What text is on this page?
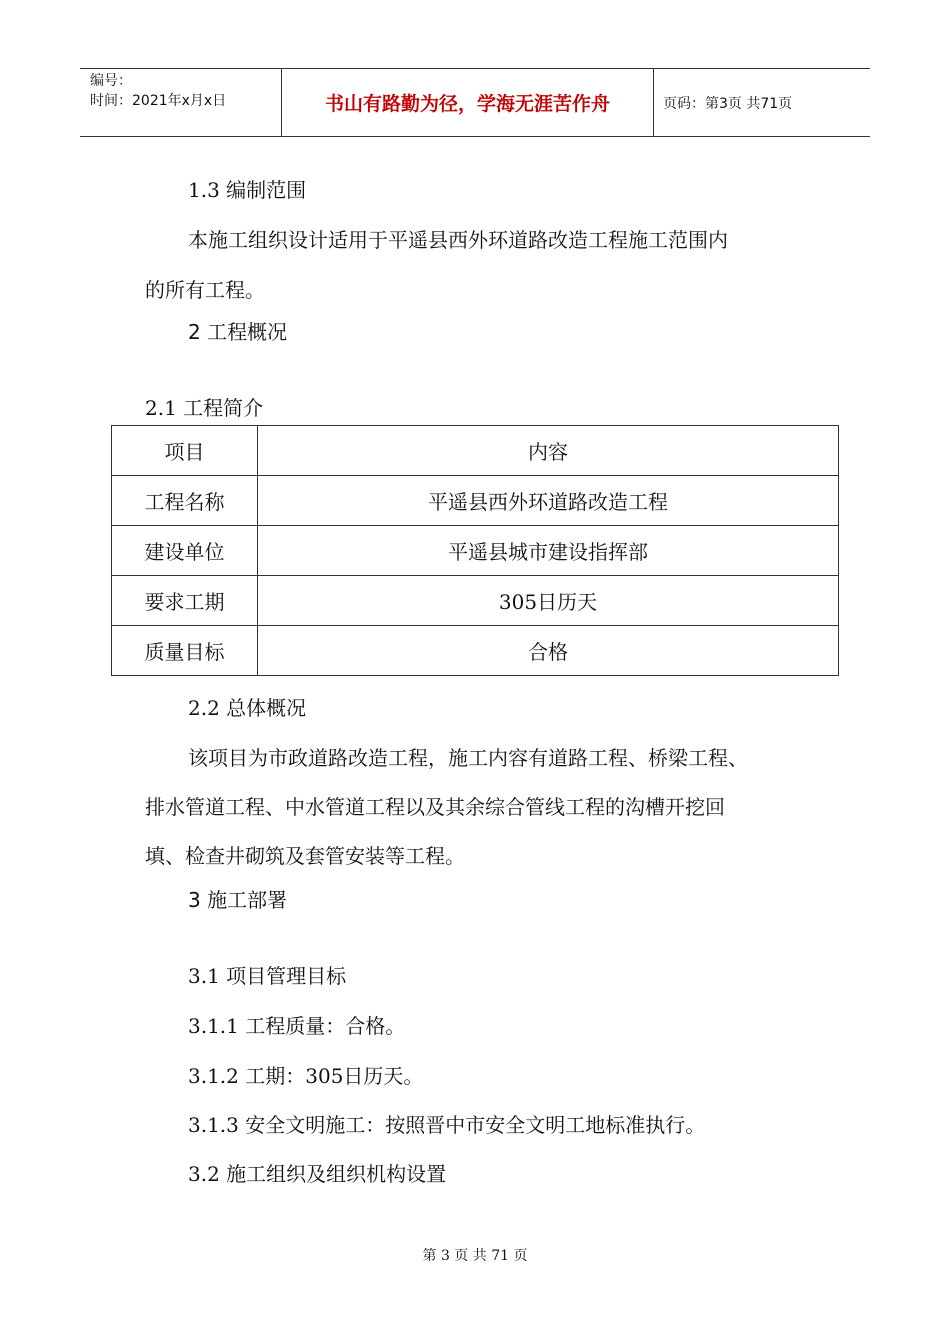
编号：
时间：2021年x月x日	书山有路勤为径，学海无涯苦作舟	页码：第3页 共71页
1.3 编制范围
本施工组织设计适用于平遥县西外环道路改造工程施工范围内
的所有工程。
2 工程概况
2.1 工程简介
项目	内容
工程名称	平遥县西外环道路改造工程
建设单位	平遥县城市建设指挥部
要求工期	305日历天
质量目标	合格
2.2 总体概况
该项目为市政道路改造工程，施工内容有道路工程、桥梁工程、
排水管道工程、中水管道工程以及其余综合管线工程的沟槽开挖回
填、检查井砌筑及套管安装等工程。
3 施工部署
3.1 项目管理目标
3.1.1 工程质量：合格。
3.1.2 工期：305日历天。
3.1.3 安全文明施工：按照晋中市安全文明工地标准执行。
3.2 施工组织及组织机构设置
第 3 页 共 71 页
